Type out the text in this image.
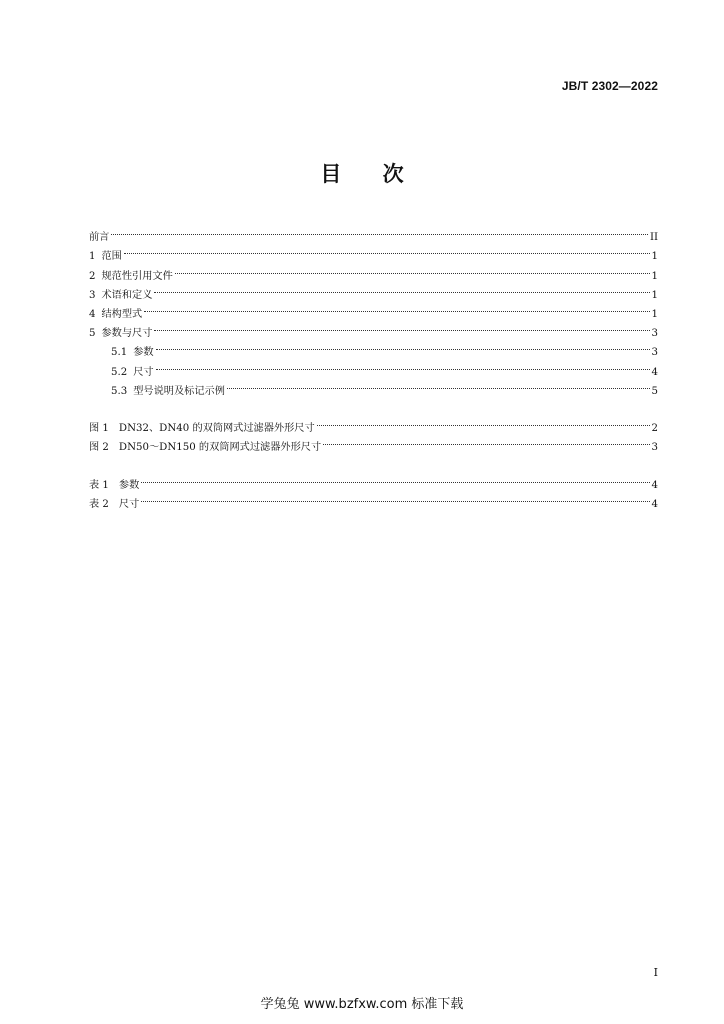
JB/T 2302—2022
目 次
前言	II
1 范围	1
2 规范性引用文件	1
3 术语和定义	1
4 结构型式	1
5 参数与尺寸	3
5.1 参数	3
5.2 尺寸	4
5.3 型号说明及标记示例	5
图 1 DN32、DN40 的双筒网式过滤器外形尺寸	2
图 2 DN50～DN150 的双筒网式过滤器外形尺寸	3
表 1 参数	4
表 2 尺寸	4
I
学兔兔 www.bzfxw.com 标准下载
